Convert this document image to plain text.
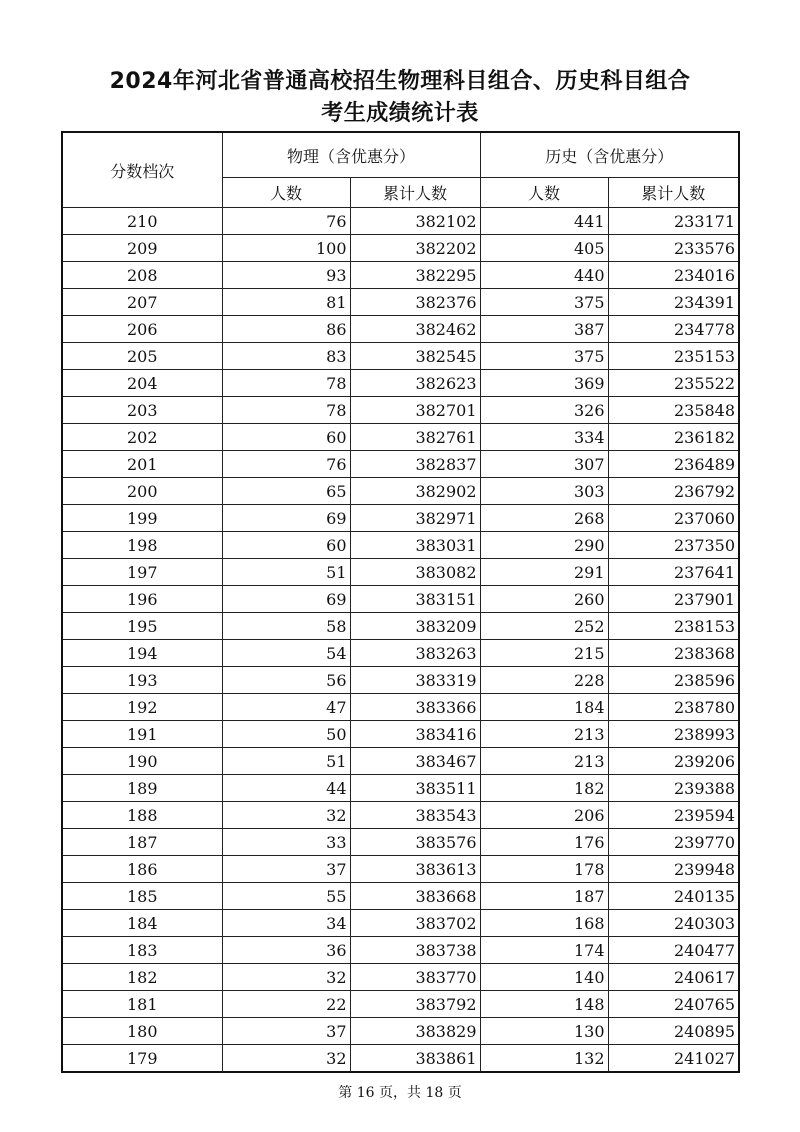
2024年河北省普通高校招生物理科目组合、历史科目组合
考生成绩统计表
分数档次	物理（含优惠分）		历史（含优惠分）	
	人数	累计人数	人数	累计人数
210	76	382102	441	233171
209	100	382202	405	233576
208	93	382295	440	234016
207	81	382376	375	234391
206	86	382462	387	234778
205	83	382545	375	235153
204	78	382623	369	235522
203	78	382701	326	235848
202	60	382761	334	236182
201	76	382837	307	236489
200	65	382902	303	236792
199	69	382971	268	237060
198	60	383031	290	237350
197	51	383082	291	237641
196	69	383151	260	237901
195	58	383209	252	238153
194	54	383263	215	238368
193	56	383319	228	238596
192	47	383366	184	238780
191	50	383416	213	238993
190	51	383467	213	239206
189	44	383511	182	239388
188	32	383543	206	239594
187	33	383576	176	239770
186	37	383613	178	239948
185	55	383668	187	240135
184	34	383702	168	240303
183	36	383738	174	240477
182	32	383770	140	240617
181	22	383792	148	240765
180	37	383829	130	240895
179	32	383861	132	241027
第 16 页，共 18 页
